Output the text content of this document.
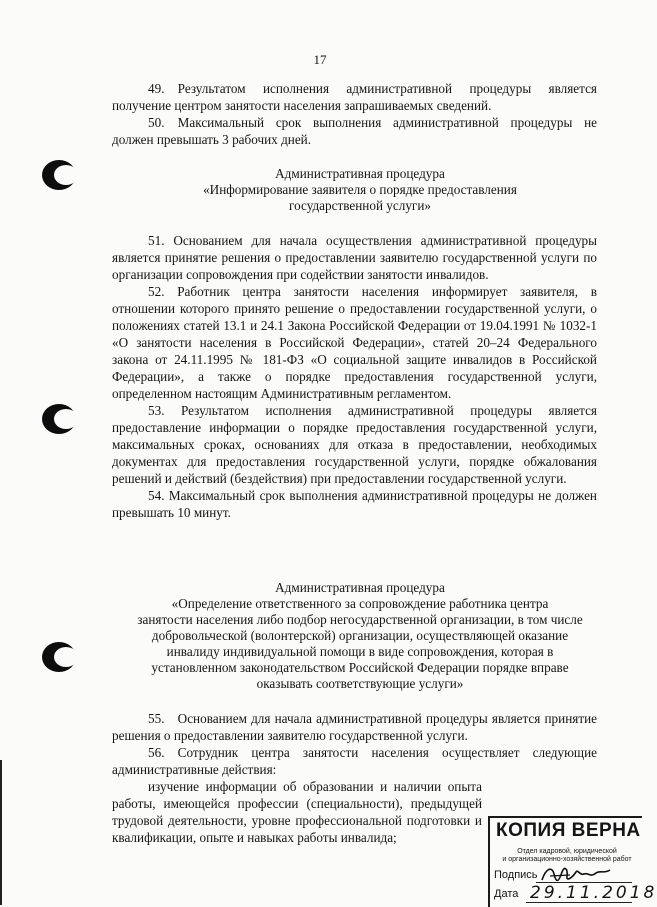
17

49. Результатом исполнения административной процедуры является получение центром занятости населения запрашиваемых сведений.

50. Максимальный срок выполнения административной процедуры не должен превышать 3 рабочих дней.

Административная процедура
«Информирование заявителя о порядке предоставления
государственной услуги»

51. Основанием для начала осуществления административной процедуры является принятие решения о предоставлении заявителю государственной услуги по организации сопровождения при содействии занятости инвалидов.

52. Работник центра занятости населения информирует заявителя, в отношении которого принято решение о предоставлении государственной услуги, о положениях статей 13.1 и 24.1 Закона Российской Федерации от 19.04.1991 № 1032-1 «О занятости населения в Российской Федерации», статей 20–24 Федерального закона от 24.11.1995 № 181-ФЗ «О социальной защите инвалидов в Российской Федерации», а также о порядке предоставления государственной услуги, определенном настоящим Административным регламентом.

53. Результатом исполнения административной процедуры является предоставление информации о порядке предоставления государственной услуги, максимальных сроках, основаниях для отказа в предоставлении, необходимых документах для предоставления государственной услуги, порядке обжалования решений и действий (бездействия) при предоставлении государственной услуги.

54. Максимальный срок выполнения административной процедуры не должен превышать 10 минут.

Административная процедура
«Определение ответственного за сопровождение работника центра
занятости населения либо подбор негосударственной организации, в том числе
добровольческой (волонтерской) организации, осуществляющей оказание
инвалиду индивидуальной помощи в виде сопровождения, которая в
установленном законодательством Российской Федерации порядке вправе
оказывать соответствующие услуги»

55. Основанием для начала административной процедуры является принятие решения о предоставлении заявителю государственной услуги.

56. Сотрудник центра занятости населения осуществляет следующие административные действия:

изучение информации об образовании и наличии опыта работы, имеющейся профессии (специальности), предыдущей трудовой деятельности, уровне профессиональной подготовки и квалификации, опыте и навыках работы инвалида;	КОПИЯ ВЕРНА
Отдел кадровой, юридической
и организационно-хозяйственной работ
Подпись
Дата 29.11.2018
